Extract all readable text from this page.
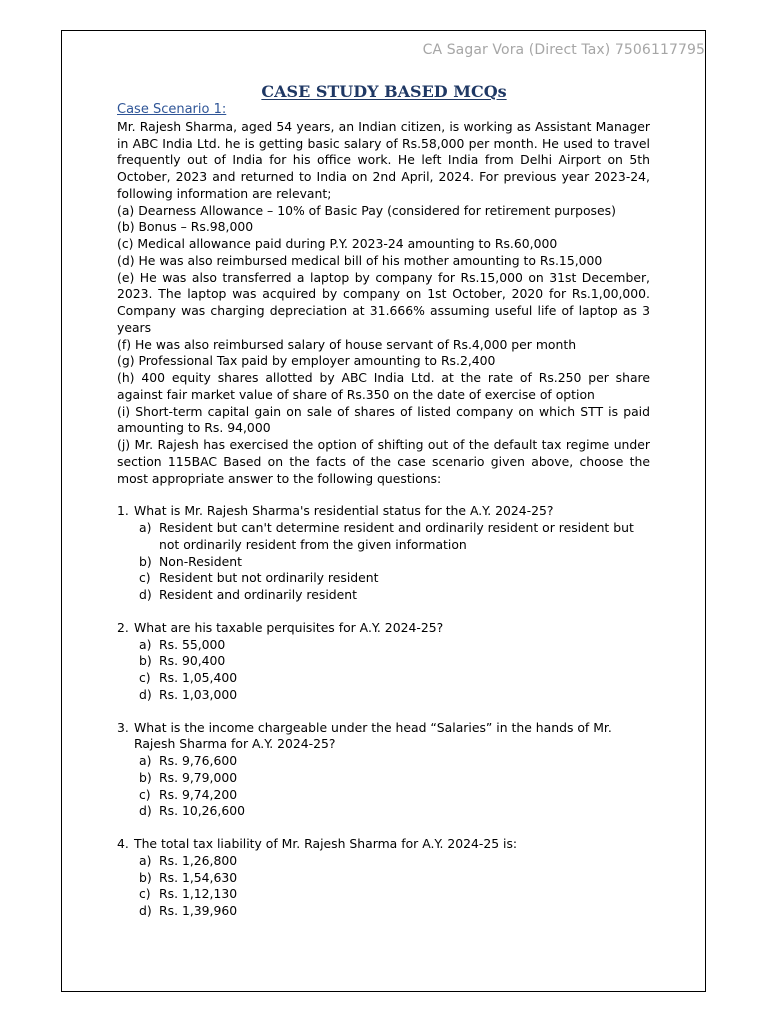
CA Sagar Vora (Direct Tax) 7506117795
CASE STUDY BASED MCQs
Case Scenario 1:

Mr. Rajesh Sharma, aged 54 years, an Indian citizen, is working as Assistant Manager in ABC India Ltd. he is getting basic salary of Rs.58,000 per month. He used to travel frequently out of India for his office work. He left India from Delhi Airport on 5th October, 2023 and returned to India on 2nd April, 2024. For previous year 2023-24, following information are relevant;

(a) Dearness Allowance – 10% of Basic Pay (considered for retirement purposes)

(b) Bonus – Rs.98,000

(c) Medical allowance paid during P.Y. 2023-24 amounting to Rs.60,000

(d) He was also reimbursed medical bill of his mother amounting to Rs.15,000

(e) He was also transferred a laptop by company for Rs.15,000 on 31st December, 2023. The laptop was acquired by company on 1st October, 2020 for Rs.1,00,000. Company was charging depreciation at 31.666% assuming useful life of laptop as 3 years

(f) He was also reimbursed salary of house servant of Rs.4,000 per month

(g) Professional Tax paid by employer amounting to Rs.2,400

(h) 400 equity shares allotted by ABC India Ltd. at the rate of Rs.250 per share against fair market value of share of Rs.350 on the date of exercise of option

(i) Short-term capital gain on sale of shares of listed company on which STT is paid amounting to Rs. 94,000

(j) Mr. Rajesh has exercised the option of shifting out of the default tax regime under section 115BAC Based on the facts of the case scenario given above, choose the most appropriate answer to the following questions:

1. What is Mr. Rajesh Sharma's residential status for the A.Y. 2024-25?
a) Resident but can't determine resident and ordinarily resident or resident but not ordinarily resident from the given information
b) Non-Resident
c) Resident but not ordinarily resident
d) Resident and ordinarily resident
2. What are his taxable perquisites for A.Y. 2024-25?
a) Rs. 55,000
b) Rs. 90,400
c) Rs. 1,05,400
d) Rs. 1,03,000
3. What is the income chargeable under the head “Salaries” in the hands of Mr. Rajesh Sharma for A.Y. 2024-25?
a) Rs. 9,76,600
b) Rs. 9,79,000
c) Rs. 9,74,200
d) Rs. 10,26,600
4. The total tax liability of Mr. Rajesh Sharma for A.Y. 2024-25 is:
a) Rs. 1,26,800
b) Rs. 1,54,630
c) Rs. 1,12,130
d) Rs. 1,39,960
